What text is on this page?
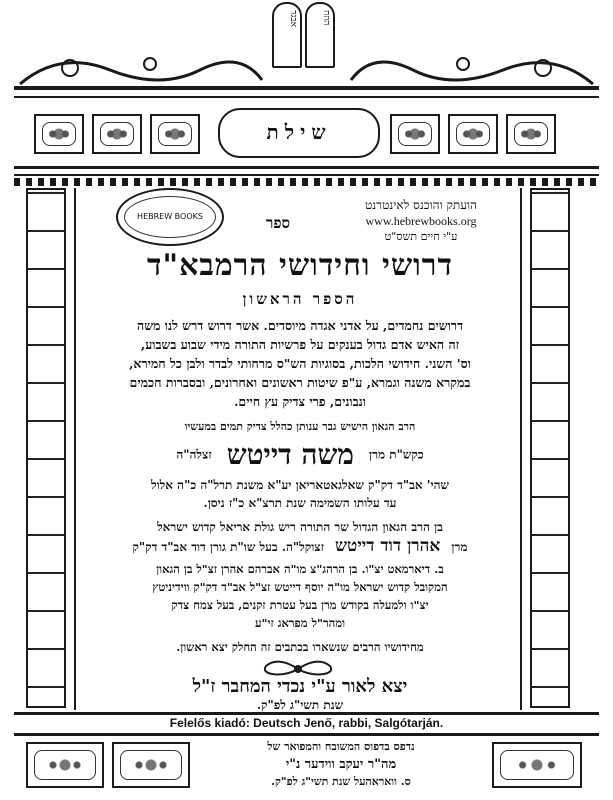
אבגד	הוזח
שילת
HEBREW BOOKS
הועתק והוכנס לאינטרנט
www.hebrewbooks.org
ע"י חיים תשס"ט
ספר
דרושי וחידושי הרמבא"ד
הספר הראשון
דרושים נחמדים, על אדני אגדה מיוסדים. אשר דרוש דרש לנו משה
זה האיש אדם גדול בענקים על פרשיות התורה מידי שבוע בשבוע,
וס' השני. חידושי הלכות, בסוגיות הש"ס מרחותי לבדר ולבן כל חמירא,
במקרא משנה וגמרא, ע"פ שיטות ראשונים ואחרונים, ובסברות חכמים
ונבונים, פרי צדיק עץ חיים.
הרב הגאון הישיש גבר ענותן כהלל צדיק תמים במעשיו
כקש"ת מרן משה דייטש זצלה"ה
שהי' אב"ד דק"ק שאלגאטאריאן יע"א משנת תרל"ה כ"ה אלול
עד עלותו השמימה שנת תרצ"א כ"ז ניסן.
בן הרב הגאון הגדול שר התורה ריש גולת אריאל קדוש ישראל
מרן אהרן דוד דייטש זצוקל"ה. בעל שו"ת גורן דוד אב"ד דק"ק
ב. דיארמאט יצ"ו. בן הרהג"צ מו"ה אברהם אהרן זצ"ל בן הגאון
המקובל קדוש ישראל מו"ה יוסף דייטש זצ"ל אב"ד דק"ק ווידיניטץ
יצ"ו ולמעלה בקודש מרן בעל עטרת זקנים, בעל צמח צדק
ומהר"ל מפראג זי"ע
מחידושיו הרבים שנשארו בכתבים זה החלק יצא ראשון.
יצא לאור ע"י נכדי המחבר ז"ל
שנת תשי"ג לפ"ק.
Felelős kiadó: Deutsch Jenő, rabbi, Salgótarján.
נדפס בדפוס המשובח והמפואר של
מה"ר יעקב ווידער נ"י
ס. וואראהעל שנת תשי"ג לפ"ק.
